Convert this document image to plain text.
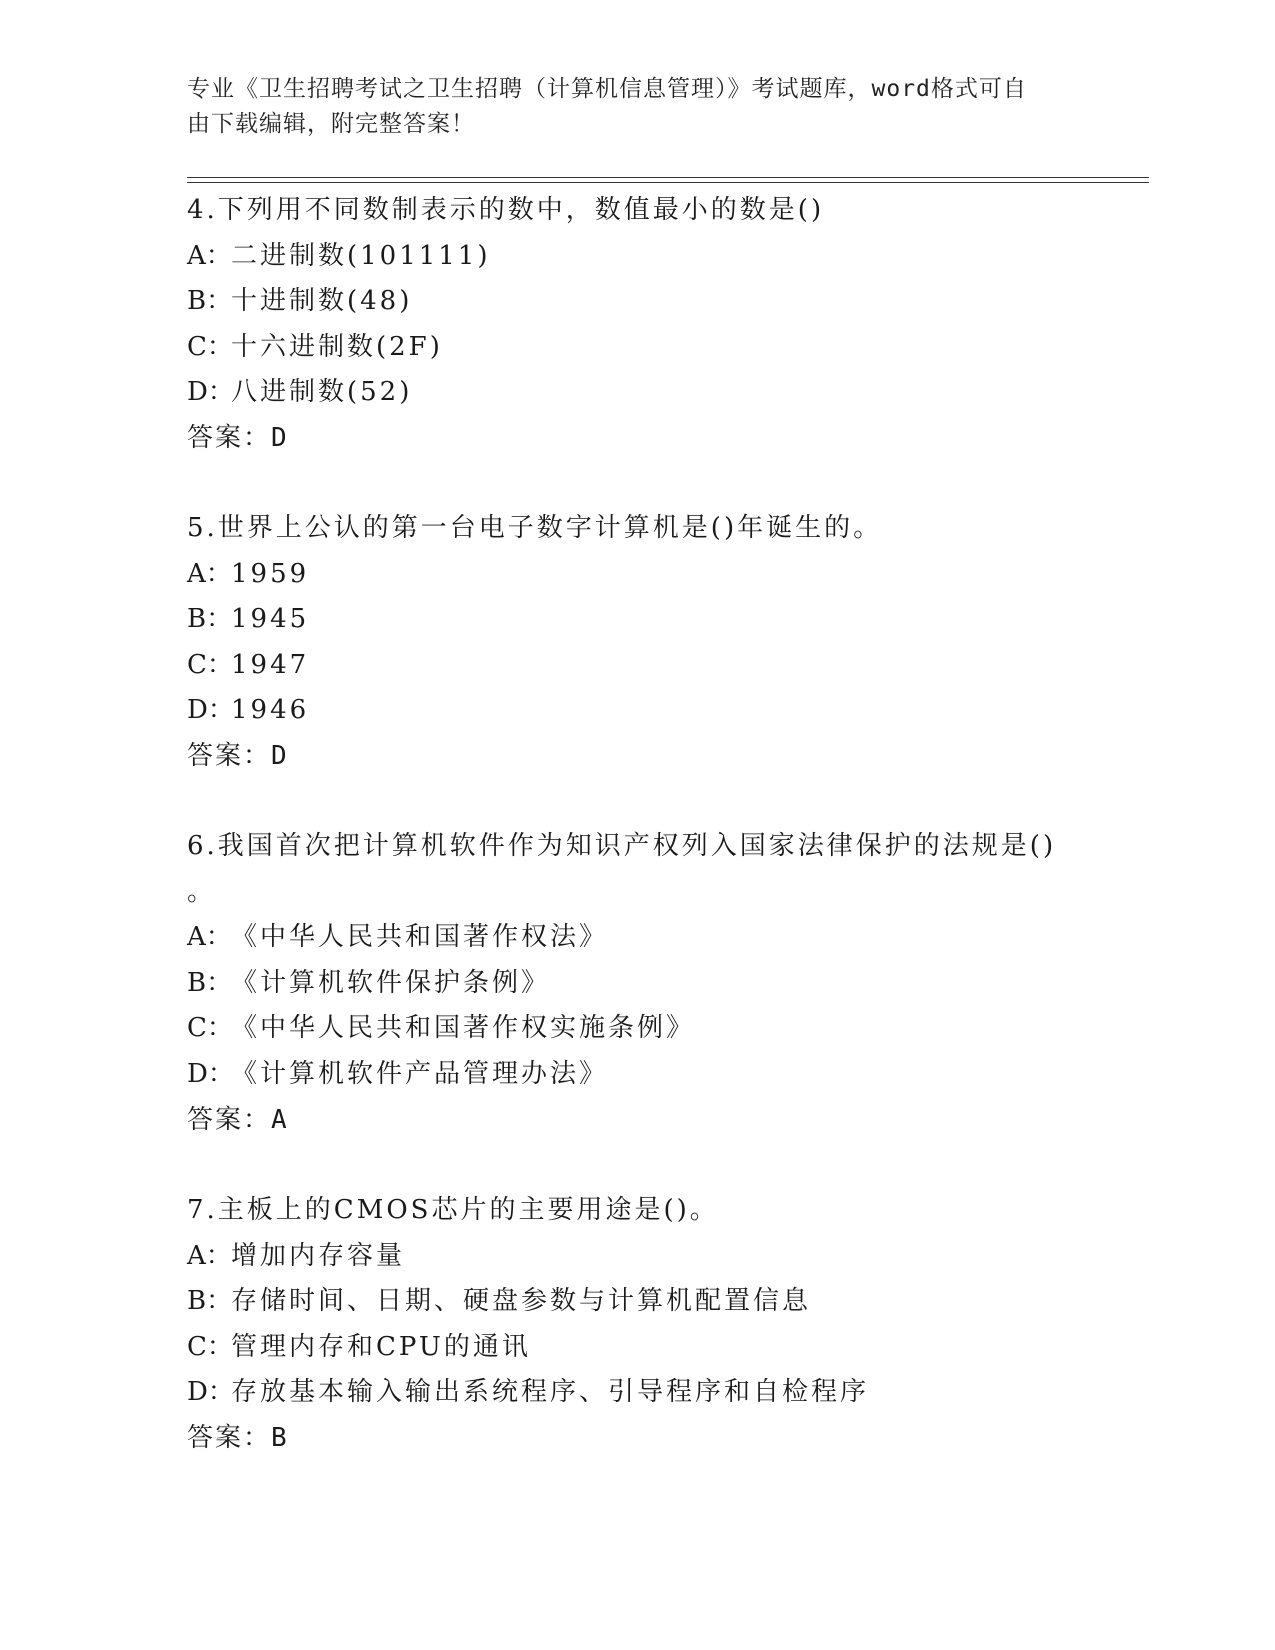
专业《卫生招聘考试之卫生招聘（计算机信息管理）》考试题库，word格式可自
由下载编辑，附完整答案！
4.下列用不同数制表示的数中，数值最小的数是()
A：二进制数(101111)
B：十进制数(48)
C：十六进制数(2F)
D：八进制数(52)
答案：D
5.世界上公认的第一台电子数字计算机是()年诞生的。
A：1959
B：1945
C：1947
D：1946
答案：D
6.我国首次把计算机软件作为知识产权列入国家法律保护的法规是()
。
A：《中华人民共和国著作权法》
B：《计算机软件保护条例》
C：《中华人民共和国著作权实施条例》
D：《计算机软件产品管理办法》
答案：A
7.主板上的CMOS芯片的主要用途是()。
A：增加内存容量
B：存储时间、日期、硬盘参数与计算机配置信息
C：管理内存和CPU的通讯
D：存放基本输入输出系统程序、引导程序和自检程序
答案：B
